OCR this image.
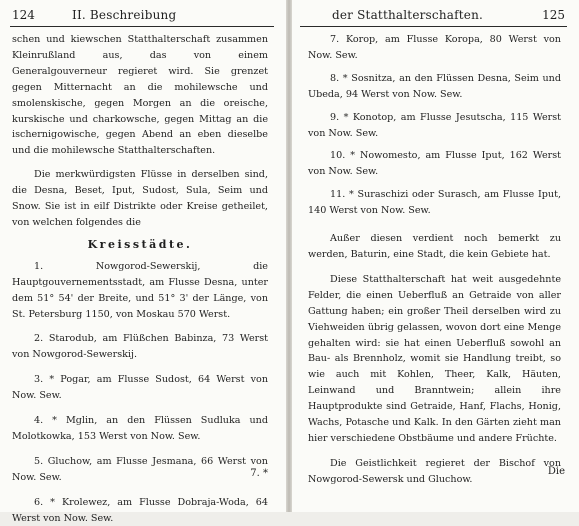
124	II. Beschreibung

schen und kiewschen Statthalterschaft zusammen Kleinrußland aus, das von einem Generalgouverneur regieret wird. Sie grenzet gegen Mitternacht an die mohilewsche und smolenskische, gegen Morgen an die oreische, kurskische und charkowsche, gegen Mittag an die ischernigowische, gegen Abend an eben dieselbe und die mohilewsche Statthalterschaften.

Die merkwürdigsten Flüsse in derselben sind, die Desna, Beset, Iput, Sudost, Sula, Seim und Snow. Sie ist in eilf Distrikte oder Kreise getheilet, von welchen folgendes die

Kreisstädte.

1. Nowgorod-Sewerskij, die Hauptgouvernementsstadt, am Flusse Desna, unter dem 51° 54' der Breite, und 51° 3' der Länge, von St. Petersburg 1150, von Moskau 570 Werst.

2. Starodub, am Flüßchen Babinza, 73 Werst von Nowgorod-Sewerskij.

3. * Pogar, am Flusse Sudost, 64 Werst von Now. Sew.

4. * Mglin, an den Flüssen Sudluka und Molotkowka, 153 Werst von Now. Sew.

5. Gluchow, am Flusse Jesmana, 66 Werst von Now. Sew.

6. * Krolewez, am Flusse Dobraja-Woda, 64 Werst von Now. Sew.

7. *
der Statthalterschaften.	125

7. Korop, am Flusse Koropa, 80 Werst von Now. Sew.

8. * Sosnitza, an den Flüssen Desna, Seim und Ubeda, 94 Werst von Now. Sew.

9. * Konotop, am Flusse Jesutscha, 115 Werst von Now. Sew.

10. * Nowomesto, am Flusse Iput, 162 Werst von Now. Sew.

11. * Suraschizi oder Surasch, am Flusse Iput, 140 Werst von Now. Sew.

Außer diesen verdient noch bemerkt zu werden, Baturin, eine Stadt, die kein Gebiete hat.

Diese Statthalterschaft hat weit ausgedehnte Felder, die einen Ueberfluß an Getraide von aller Gattung haben; ein großer Theil derselben wird zu Viehweiden übrig gelassen, wovon dort eine Menge gehalten wird: sie hat einen Ueberfluß sowohl an Bau- als Brennholz, womit sie Handlung treibt, so wie auch mit Kohlen, Theer, Kalk, Häuten, Leinwand und Branntwein; allein ihre Hauptprodukte sind Getraide, Hanf, Flachs, Honig, Wachs, Potasche und Kalk. In den Gärten zieht man hier verschiedene Obstbäume und andere Früchte.

Die Geistlichkeit regieret der Bischof von Nowgorod-Sewersk und Gluchow.

Die
